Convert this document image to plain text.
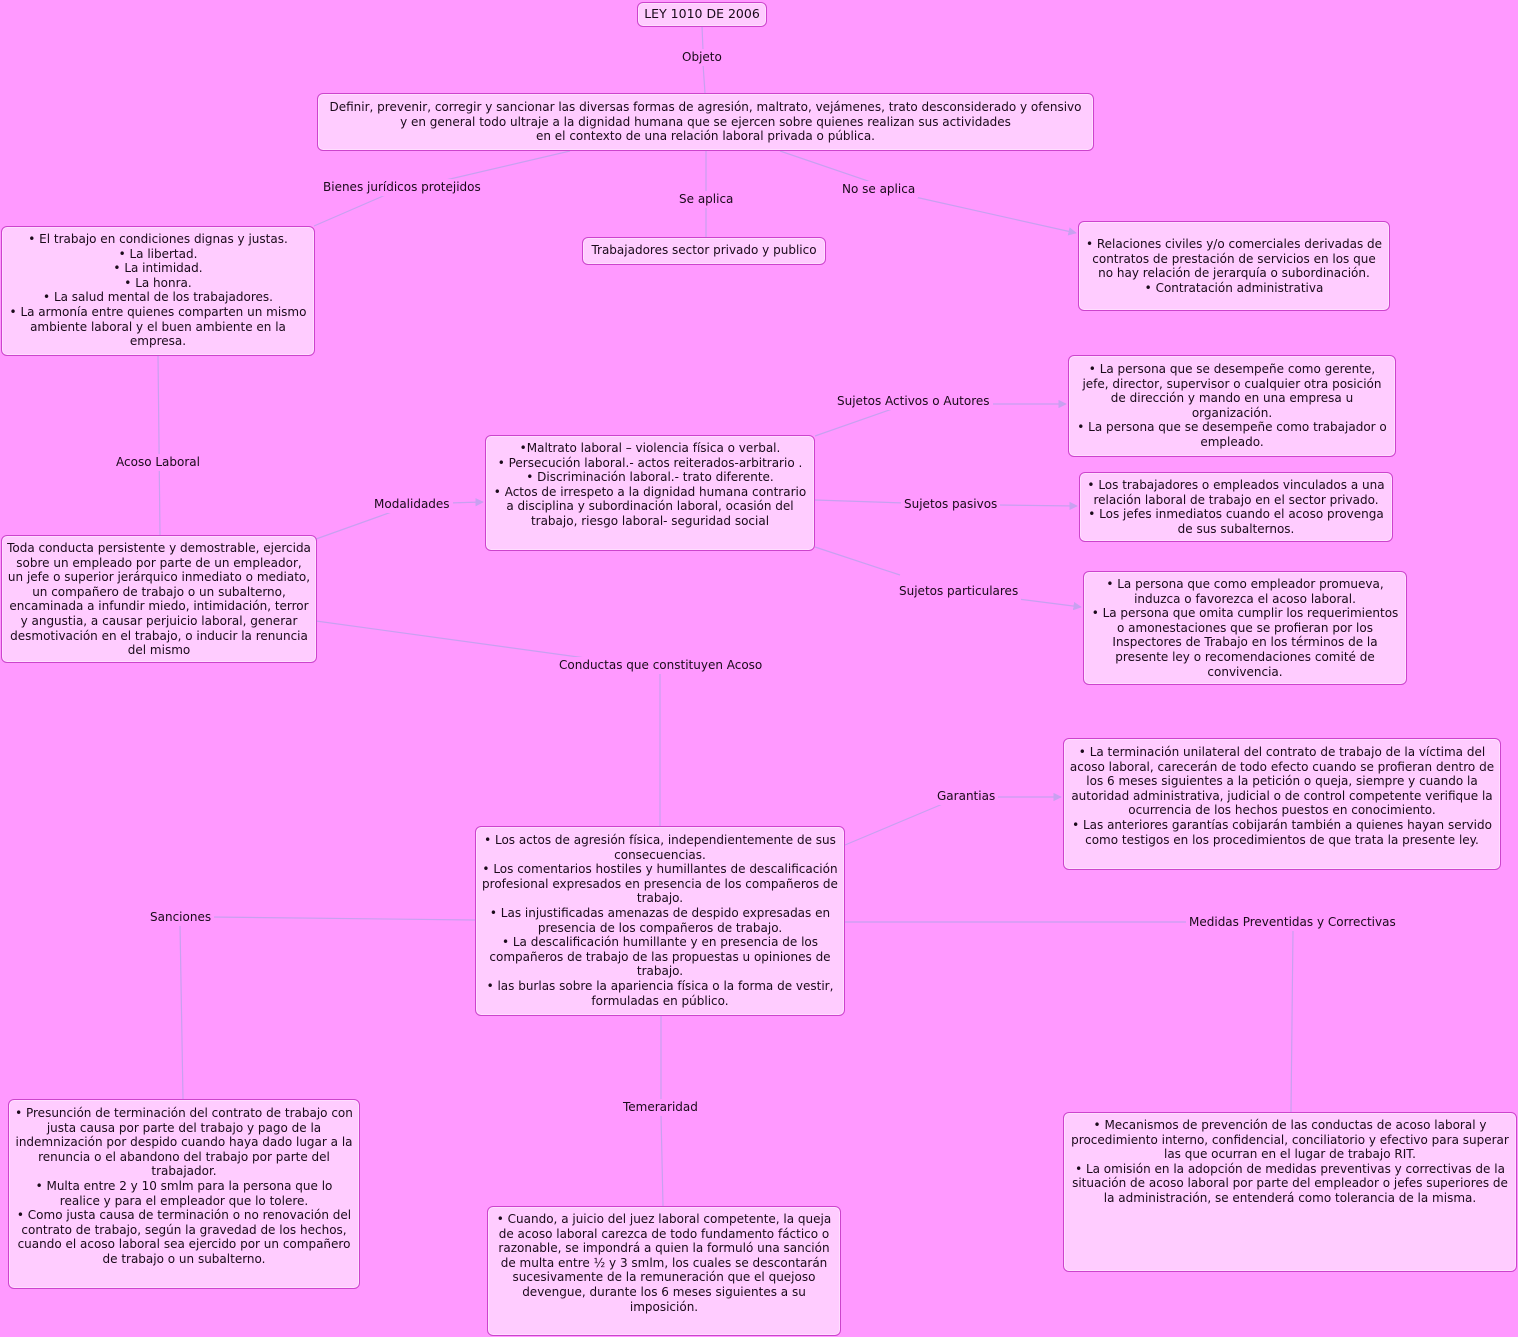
LEY 1010 DE 2006
Definir, prevenir, corregir y sancionar las diversas formas de agresión, maltrato, vejámenes, trato desconsiderado y ofensivo
y en general todo ultraje a la dignidad humana que se ejercen sobre quienes realizan sus actividades
en el contexto de una relación laboral privada o pública.
• El trabajo en condiciones dignas y justas.
• La libertad.
• La intimidad.
• La honra.
• La salud mental de los trabajadores.
• La armonía entre quienes comparten un mismo ambiente laboral y el buen ambiente en la empresa.
Trabajadores sector privado y publico	• Relaciones civiles y/o comerciales derivadas de contratos de prestación de servicios en los que no hay relación de jerarquía o subordinación.
• Contratación administrativa
Toda conducta persistente y demostrable, ejercida sobre un empleado por parte de un empleador, un jefe o superior jerárquico inmediato o mediato, un compañero de trabajo o un subalterno, encaminada a infundir miedo, intimidación, terror y angustia, a causar perjuicio laboral, generar desmotivación en el trabajo, o inducir la renuncia del mismo
•Maltrato laboral – violencia física o verbal.
• Persecución laboral.- actos reiterados-arbitrario .
• Discriminación laboral.- trato diferente.
• Actos de irrespeto a la dignidad humana contrario a disciplina y subordinación laboral, ocasión del trabajo, riesgo laboral- seguridad social
• La persona que se desempeñe como gerente, jefe, director, supervisor o cualquier otra posición de dirección y mando en una empresa u organización.
• La persona que se desempeñe como trabajador o empleado.
• Los trabajadores o empleados vinculados a una relación laboral de trabajo en el sector privado.
• Los jefes inmediatos cuando el acoso provenga de sus subalternos.
• La persona que como empleador promueva, induzca o favorezca el acoso laboral.
• La persona que omita cumplir los requerimientos o amonestaciones que se profieran por los Inspectores de Trabajo en los términos de la presente ley o recomendaciones comité de convivencia.
• Los actos de agresión física, independientemente de sus consecuencias.
• Los comentarios hostiles y humillantes de descalificación profesional expresados en presencia de los compañeros de trabajo.
• Las injustificadas amenazas de despido expresadas en presencia de los compañeros de trabajo.
• La descalificación humillante y en presencia de los compañeros de trabajo de las propuestas u opiniones de trabajo.
• las burlas sobre la apariencia física o la forma de vestir, formuladas en público.
• La terminación unilateral del contrato de trabajo de la víctima del acoso laboral, carecerán de todo efecto cuando se profieran dentro de los 6 meses siguientes a la petición o queja, siempre y cuando la autoridad administrativa, judicial o de control competente verifique la ocurrencia de los hechos puestos en conocimiento.
• Las anteriores garantías cobijarán también a quienes hayan servido como testigos en los procedimientos de que trata la presente ley.
• Presunción de terminación del contrato de trabajo con justa causa por parte del trabajo y pago de la indemnización por despido cuando haya dado lugar a la renuncia o el abandono del trabajo por parte del trabajador.
• Multa entre 2 y 10 smlm para la persona que lo realice y para el empleador que lo tolere.
• Como justa causa de terminación o no renovación del contrato de trabajo, según la gravedad de los hechos, cuando el acoso laboral sea ejercido por un compañero de trabajo o un subalterno.
• Cuando, a juicio del juez laboral competente, la queja de acoso laboral carezca de todo fundamento fáctico o razonable, se impondrá a quien la formuló una sanción de multa entre ½ y 3 smlm, los cuales se descontarán sucesivamente de la remuneración que el quejoso devengue, durante los 6 meses siguientes a su imposición.
• Mecanismos de prevención de las conductas de acoso laboral y procedimiento interno, confidencial, conciliatorio y efectivo para superar las que ocurran en el lugar de trabajo RIT.
• La omisión en la adopción de medidas preventivas y correctivas de la situación de acoso laboral por parte del empleador o jefes superiores de la administración, se entenderá como tolerancia de la misma.
Objeto
Bienes jurídicos protejidos
Se aplica
No se aplica
Acoso Laboral
Modalidades
Sujetos Activos o Autores
Sujetos pasivos
Sujetos particulares
Conductas que constituyen Acoso
Garantias
Sanciones	Medidas Preventidas y Correctivas
Temeraridad
